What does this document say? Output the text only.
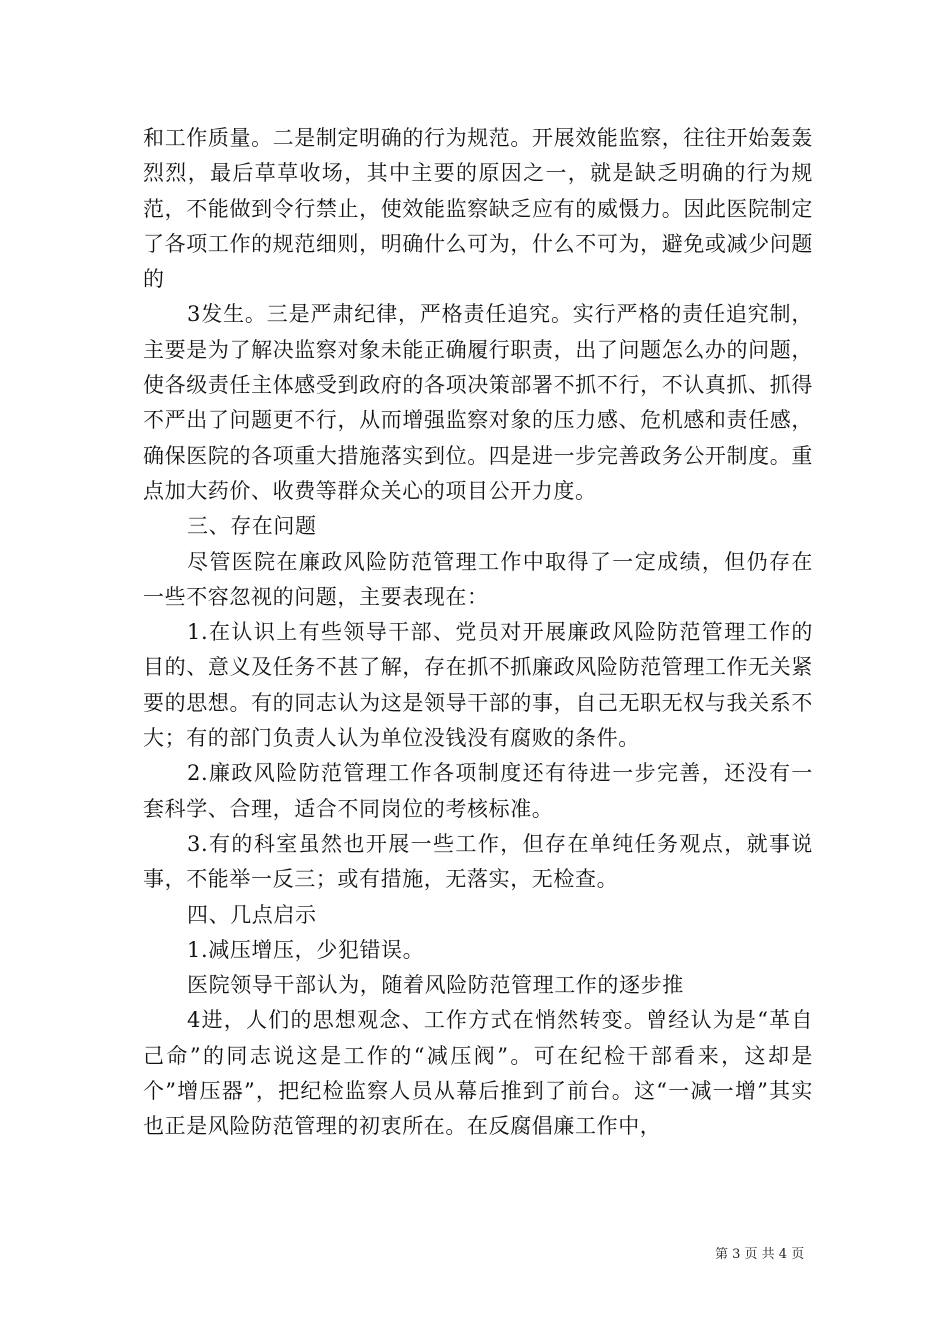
和工作质量。二是制定明确的行为规范。开展效能监察，往往开始轰轰烈烈，最后草草收场，其中主要的原因之一，就是缺乏明确的行为规范，不能做到令行禁止，使效能监察缺乏应有的威慑力。因此医院制定了各项工作的规范细则，明确什么可为，什么不可为，避免或减少问题的

3发生。三是严肃纪律，严格责任追究。实行严格的责任追究制，主要是为了解决监察对象未能正确履行职责，出了问题怎么办的问题，使各级责任主体感受到政府的各项决策部署不抓不行，不认真抓、抓得不严出了问题更不行，从而增强监察对象的压力感、危机感和责任感，确保医院的各项重大措施落实到位。四是进一步完善政务公开制度。重点加大药价、收费等群众关心的项目公开力度。

三、存在问题

尽管医院在廉政风险防范管理工作中取得了一定成绩，但仍存在一些不容忽视的问题，主要表现在：

1.在认识上有些领导干部、党员对开展廉政风险防范管理工作的目的、意义及任务不甚了解，存在抓不抓廉政风险防范管理工作无关紧要的思想。有的同志认为这是领导干部的事，自己无职无权与我关系不大；有的部门负责人认为单位没钱没有腐败的条件。

2.廉政风险防范管理工作各项制度还有待进一步完善，还没有一套科学、合理，适合不同岗位的考核标准。

3.有的科室虽然也开展一些工作，但存在单纯任务观点，就事说事，不能举一反三；或有措施，无落实，无检查。

四、几点启示

1.减压增压，少犯错误。

医院领导干部认为，随着风险防范管理工作的逐步推

4进，人们的思想观念、工作方式在悄然转变。曾经认为是“革自己命”的同志说这是工作的“减压阀”。可在纪检干部看来，这却是个”增压器”，把纪检监察人员从幕后推到了前台。这“一减一增”其实也正是风险防范管理的初衷所在。在反腐倡廉工作中，

第 3 页 共 4 页
